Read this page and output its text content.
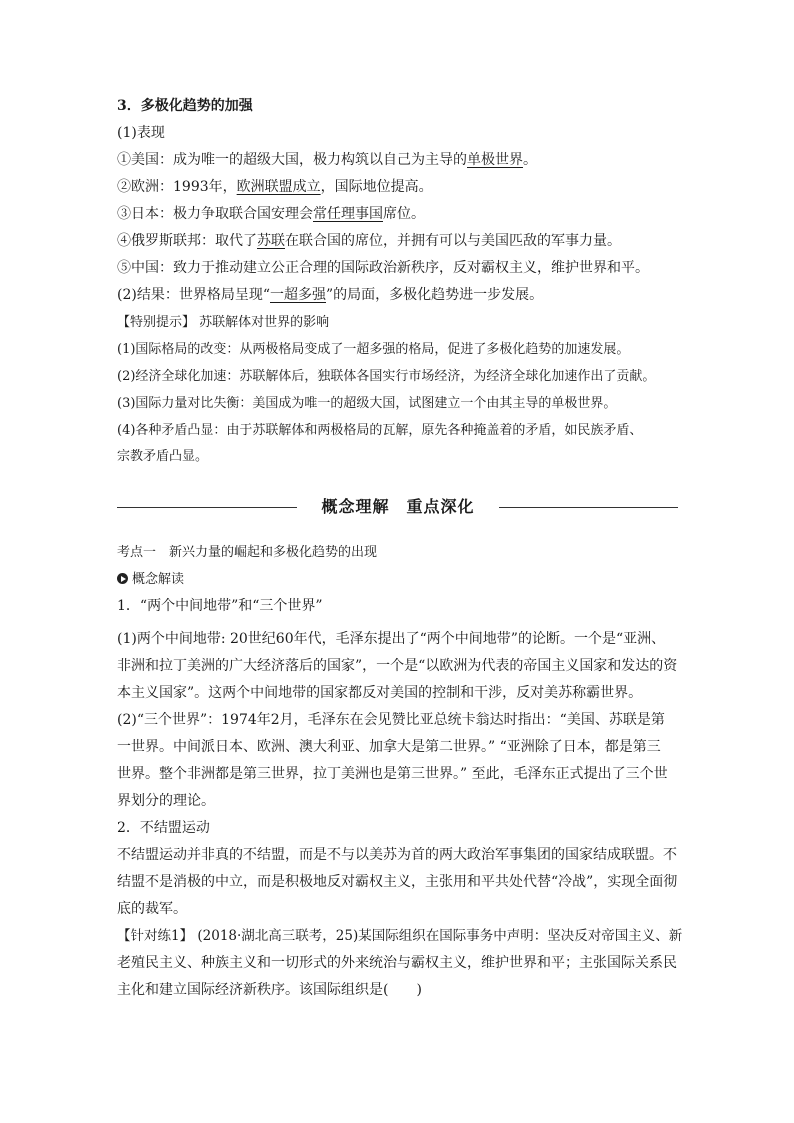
3．多极化趋势的加强
(1)表现
①美国：成为唯一的超级大国，极力构筑以自己为主导的单极世界。
②欧洲：1993年，欧洲联盟成立，国际地位提高。
③日本：极力争取联合国安理会常任理事国席位。
④俄罗斯联邦：取代了苏联在联合国的席位，并拥有可以与美国匹敌的军事力量。
⑤中国：致力于推动建立公正合理的国际政治新秩序，反对霸权主义，维护世界和平。
(2)结果：世界格局呈现“一超多强”的局面，多极化趋势进一步发展。
【特别提示】 苏联解体对世界的影响
(1)国际格局的改变：从两极格局变成了一超多强的格局，促进了多极化趋势的加速发展。
(2)经济全球化加速：苏联解体后，独联体各国实行市场经济，为经济全球化加速作出了贡献。
(3)国际力量对比失衡：美国成为唯一的超级大国，试图建立一个由其主导的单极世界。
(4)各种矛盾凸显：由于苏联解体和两极格局的瓦解，原先各种掩盖着的矛盾，如民族矛盾、
宗教矛盾凸显。
概念理解　重点深化
考点一　新兴力量的崛起和多极化趋势的出现
概念解读
1．“两个中间地带”和“三个世界”
(1)两个中间地带: 20世纪60年代，毛泽东提出了“两个中间地带”的论断。一个是“亚洲、
非洲和拉丁美洲的广大经济落后的国家”，一个是“以欧洲为代表的帝国主义国家和发达的资
本主义国家”。这两个中间地带的国家都反对美国的控制和干涉，反对美苏称霸世界。
(2)“三个世界”：1974年2月，毛泽东在会见赞比亚总统卡翁达时指出：“美国、苏联是第
一世界。中间派日本、欧洲、澳大利亚、加拿大是第二世界。” “亚洲除了日本，都是第三
世界。整个非洲都是第三世界，拉丁美洲也是第三世界。” 至此，毛泽东正式提出了三个世
界划分的理论。
2．不结盟运动
不结盟运动并非真的不结盟，而是不与以美苏为首的两大政治军事集团的国家结成联盟。不
结盟不是消极的中立，而是积极地反对霸权主义，主张用和平共处代替“冷战”，实现全面彻
底的裁军。
【针对练1】 (2018·湖北高三联考，25)某国际组织在国际事务中声明：坚决反对帝国主义、新
老殖民主义、种族主义和一切形式的外来统治与霸权主义，维护世界和平；主张国际关系民
主化和建立国际经济新秩序。该国际组织是(　　)
